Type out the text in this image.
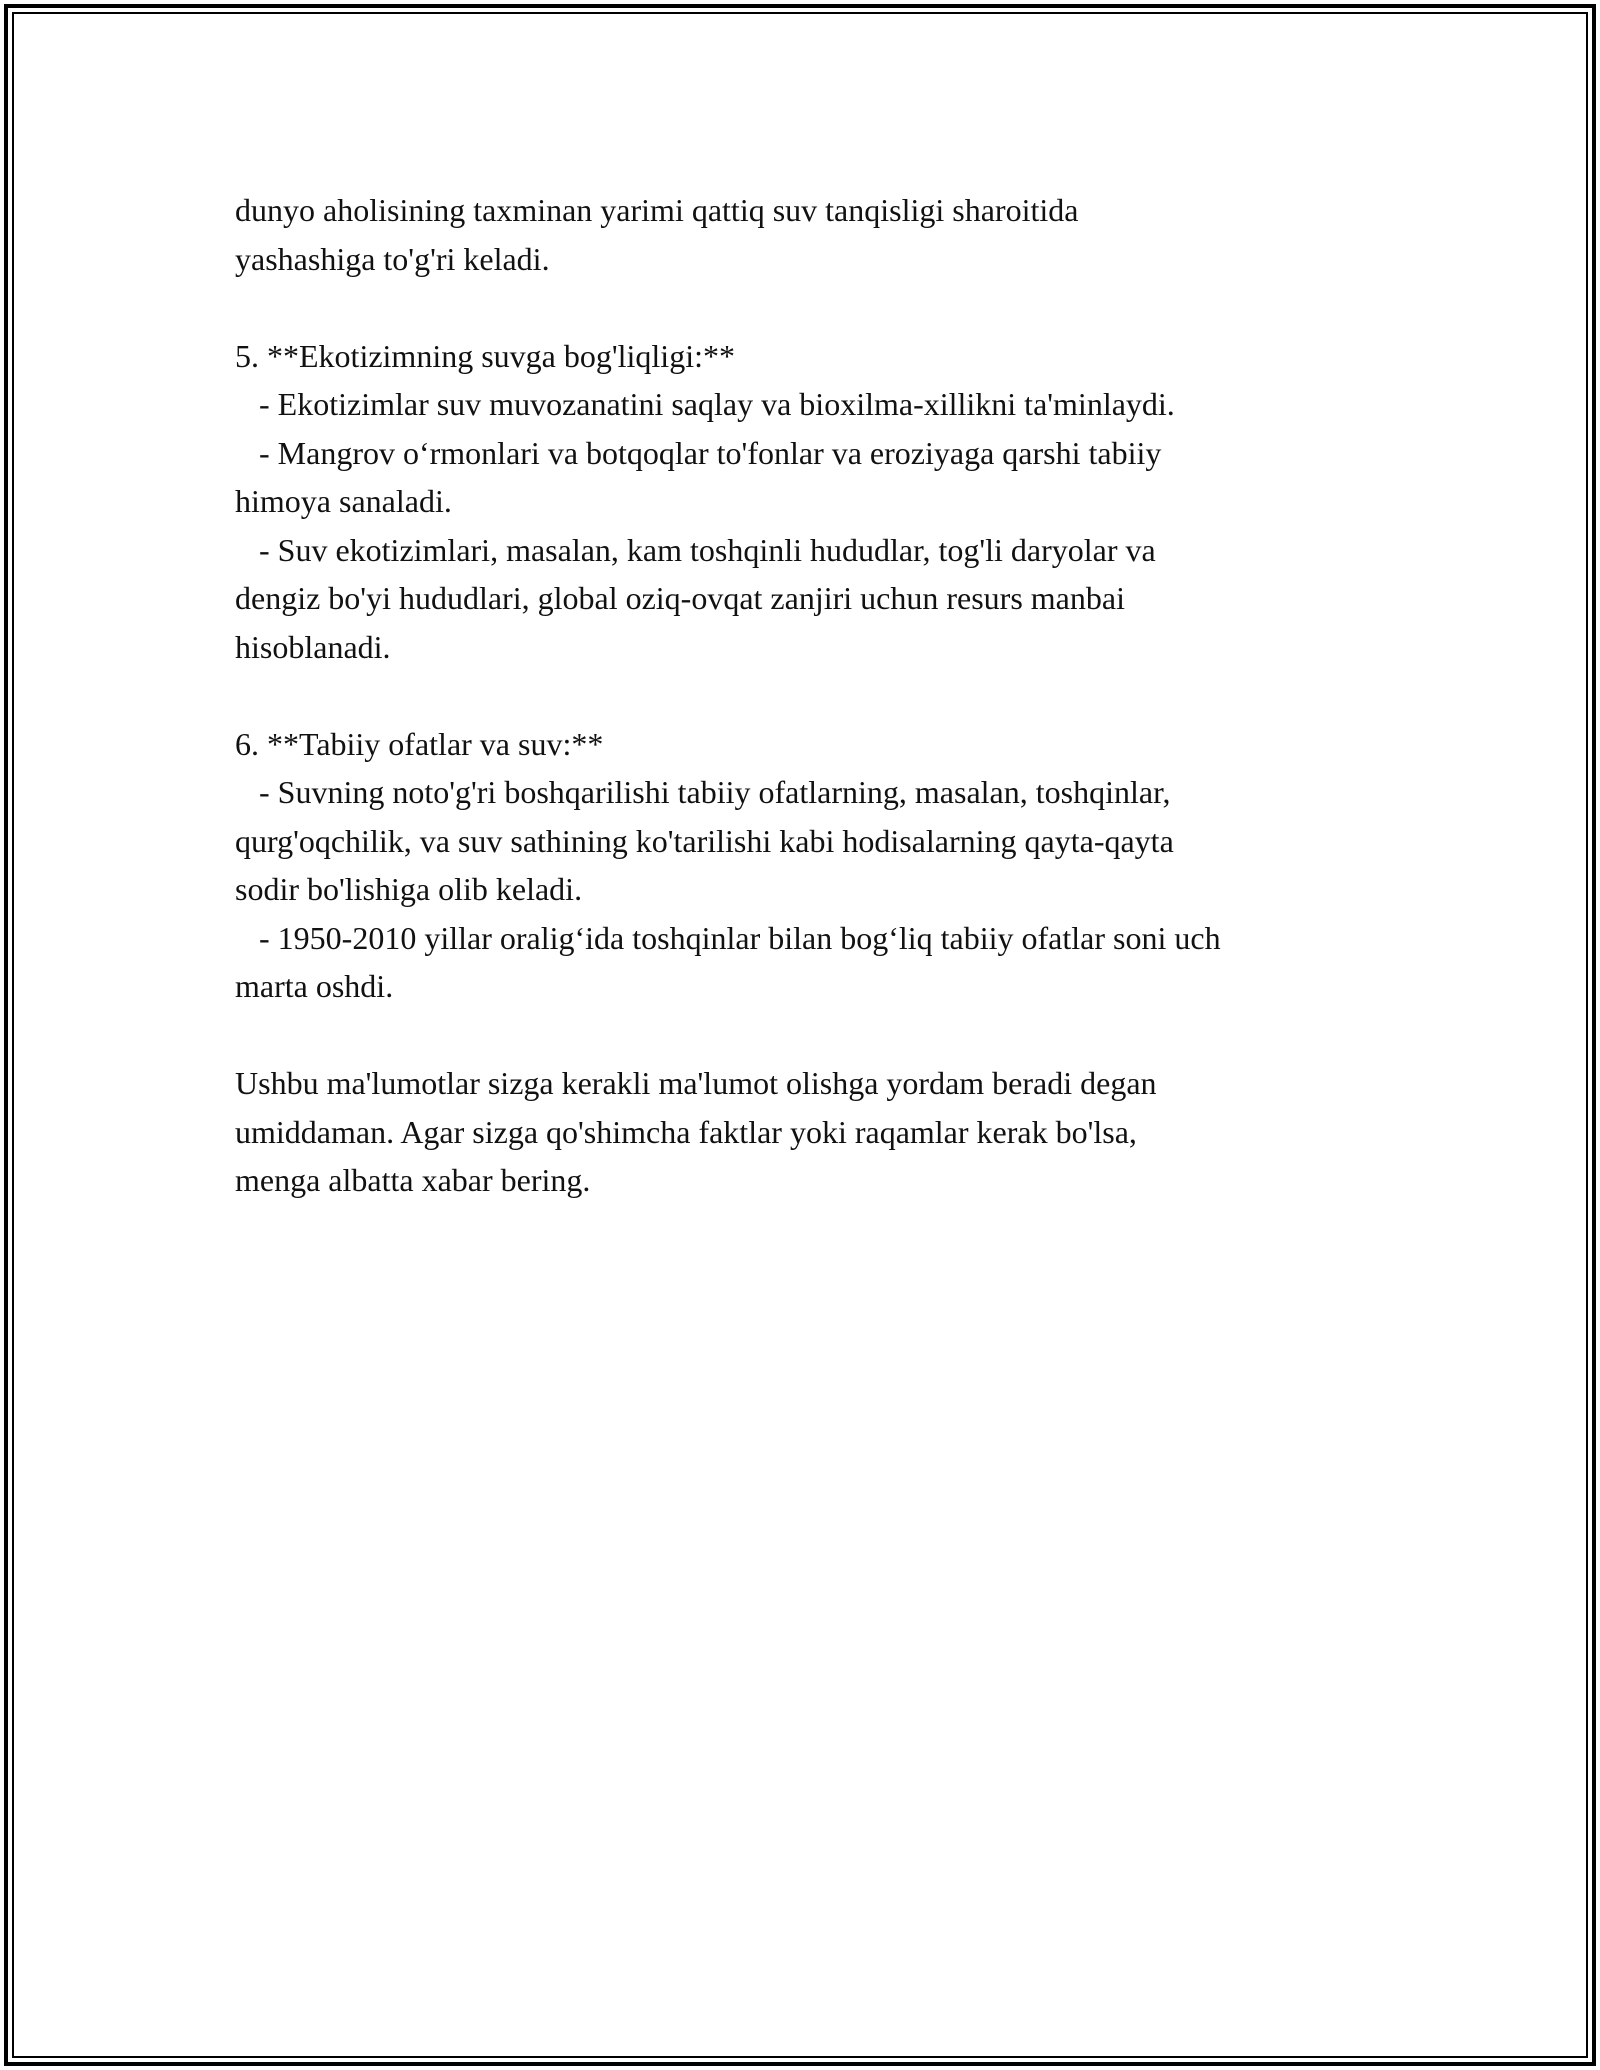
dunyo aholisining taxminan yarimi qattiq suv tanqisligi sharoitida
yashashiga to'g'ri keladi.
5. **Ekotizimning suvga bog'liqligi:**
- Ekotizimlar suv muvozanatini saqlay va bioxilma-xillikni ta'minlaydi.
- Mangrov o‘rmonlari va botqoqlar to'fonlar va eroziyaga qarshi tabiiy
himoya sanaladi.
- Suv ekotizimlari, masalan, kam toshqinli hududlar, tog'li daryolar va
dengiz bo'yi hududlari, global oziq-ovqat zanjiri uchun resurs manbai
hisoblanadi.
6. **Tabiiy ofatlar va suv:**
- Suvning noto'g'ri boshqarilishi tabiiy ofatlarning, masalan, toshqinlar,
qurg'oqchilik, va suv sathining ko'tarilishi kabi hodisalarning qayta-qayta
sodir bo'lishiga olib keladi.
- 1950-2010 yillar oralig‘ida toshqinlar bilan bog‘liq tabiiy ofatlar soni uch
marta oshdi.
Ushbu ma'lumotlar sizga kerakli ma'lumot olishga yordam beradi degan
umiddaman. Agar sizga qo'shimcha faktlar yoki raqamlar kerak bo'lsa,
menga albatta xabar bering.
